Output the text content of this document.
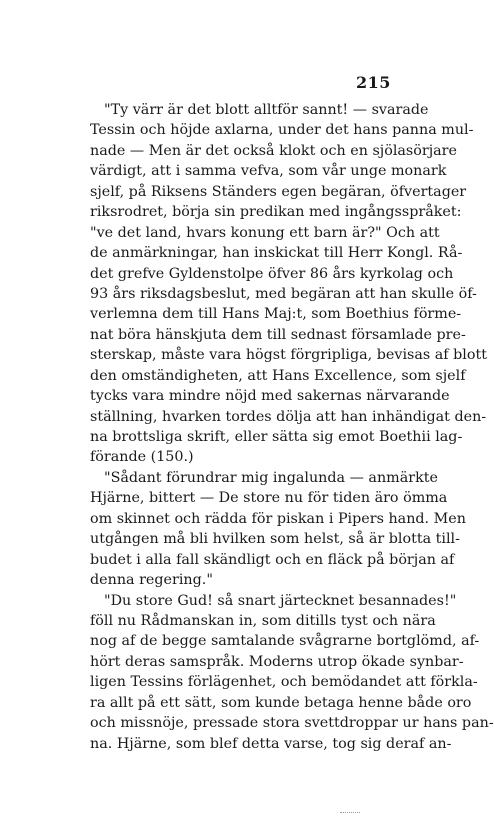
215
"Ty värr är det blott alltför sannt! — svarade
Tessin och höjde axlarna, under det hans panna mul-
nade — Men är det också klokt och en sjölasörjare
värdigt, att i samma vefva, som vår unge monark
sjelf, på Riksens Ständers egen begäran, öfvertager
riksrodret, börja sin predikan med ingångsspråket:
"ve det land, hvars konung ett barn är?" Och att
de anmärkningar, han inskickat till Herr Kongl. Rå-
det grefve Gyldenstolpe öfver 86 års kyrkolag och
93 års riksdagsbeslut, med begäran att han skulle öf-
verlemna dem till Hans Maj:t, som Boethius förme-
nat böra hänskjuta dem till sednast församlade pre-
sterskap, måste vara högst förgripliga, bevisas af blott
den omständigheten, att Hans Excellence, som sjelf
tycks vara mindre nöjd med sakernas närvarande
ställning, hvarken tordes dölja att han inhändigat den-
na brottsliga skrift, eller sätta sig emot Boethii lag-
förande (150.)
"Sådant förundrar mig ingalunda — anmärkte
Hjärne, bittert — De store nu för tiden äro ömma
om skinnet och rädda för piskan i Pipers hand. Men
utgången må bli hvilken som helst, så är blotta till-
budet i alla fall skändligt och en fläck på början af
denna regering."
"Du store Gud! så snart järtecknet besannades!"
föll nu Rådmanskan in, som ditills tyst och nära
nog af de begge samtalande svågrarne bortglömd, af-
hört deras samspråk. Moderns utrop ökade synbar-
ligen Tessins förlägenhet, och bemödandet att förkla-
ra allt på ett sätt, som kunde betaga henne både oro
och missnöje, pressade stora svettdroppar ur hans pan-
na. Hjärne, som blef detta varse, tog sig deraf an-
